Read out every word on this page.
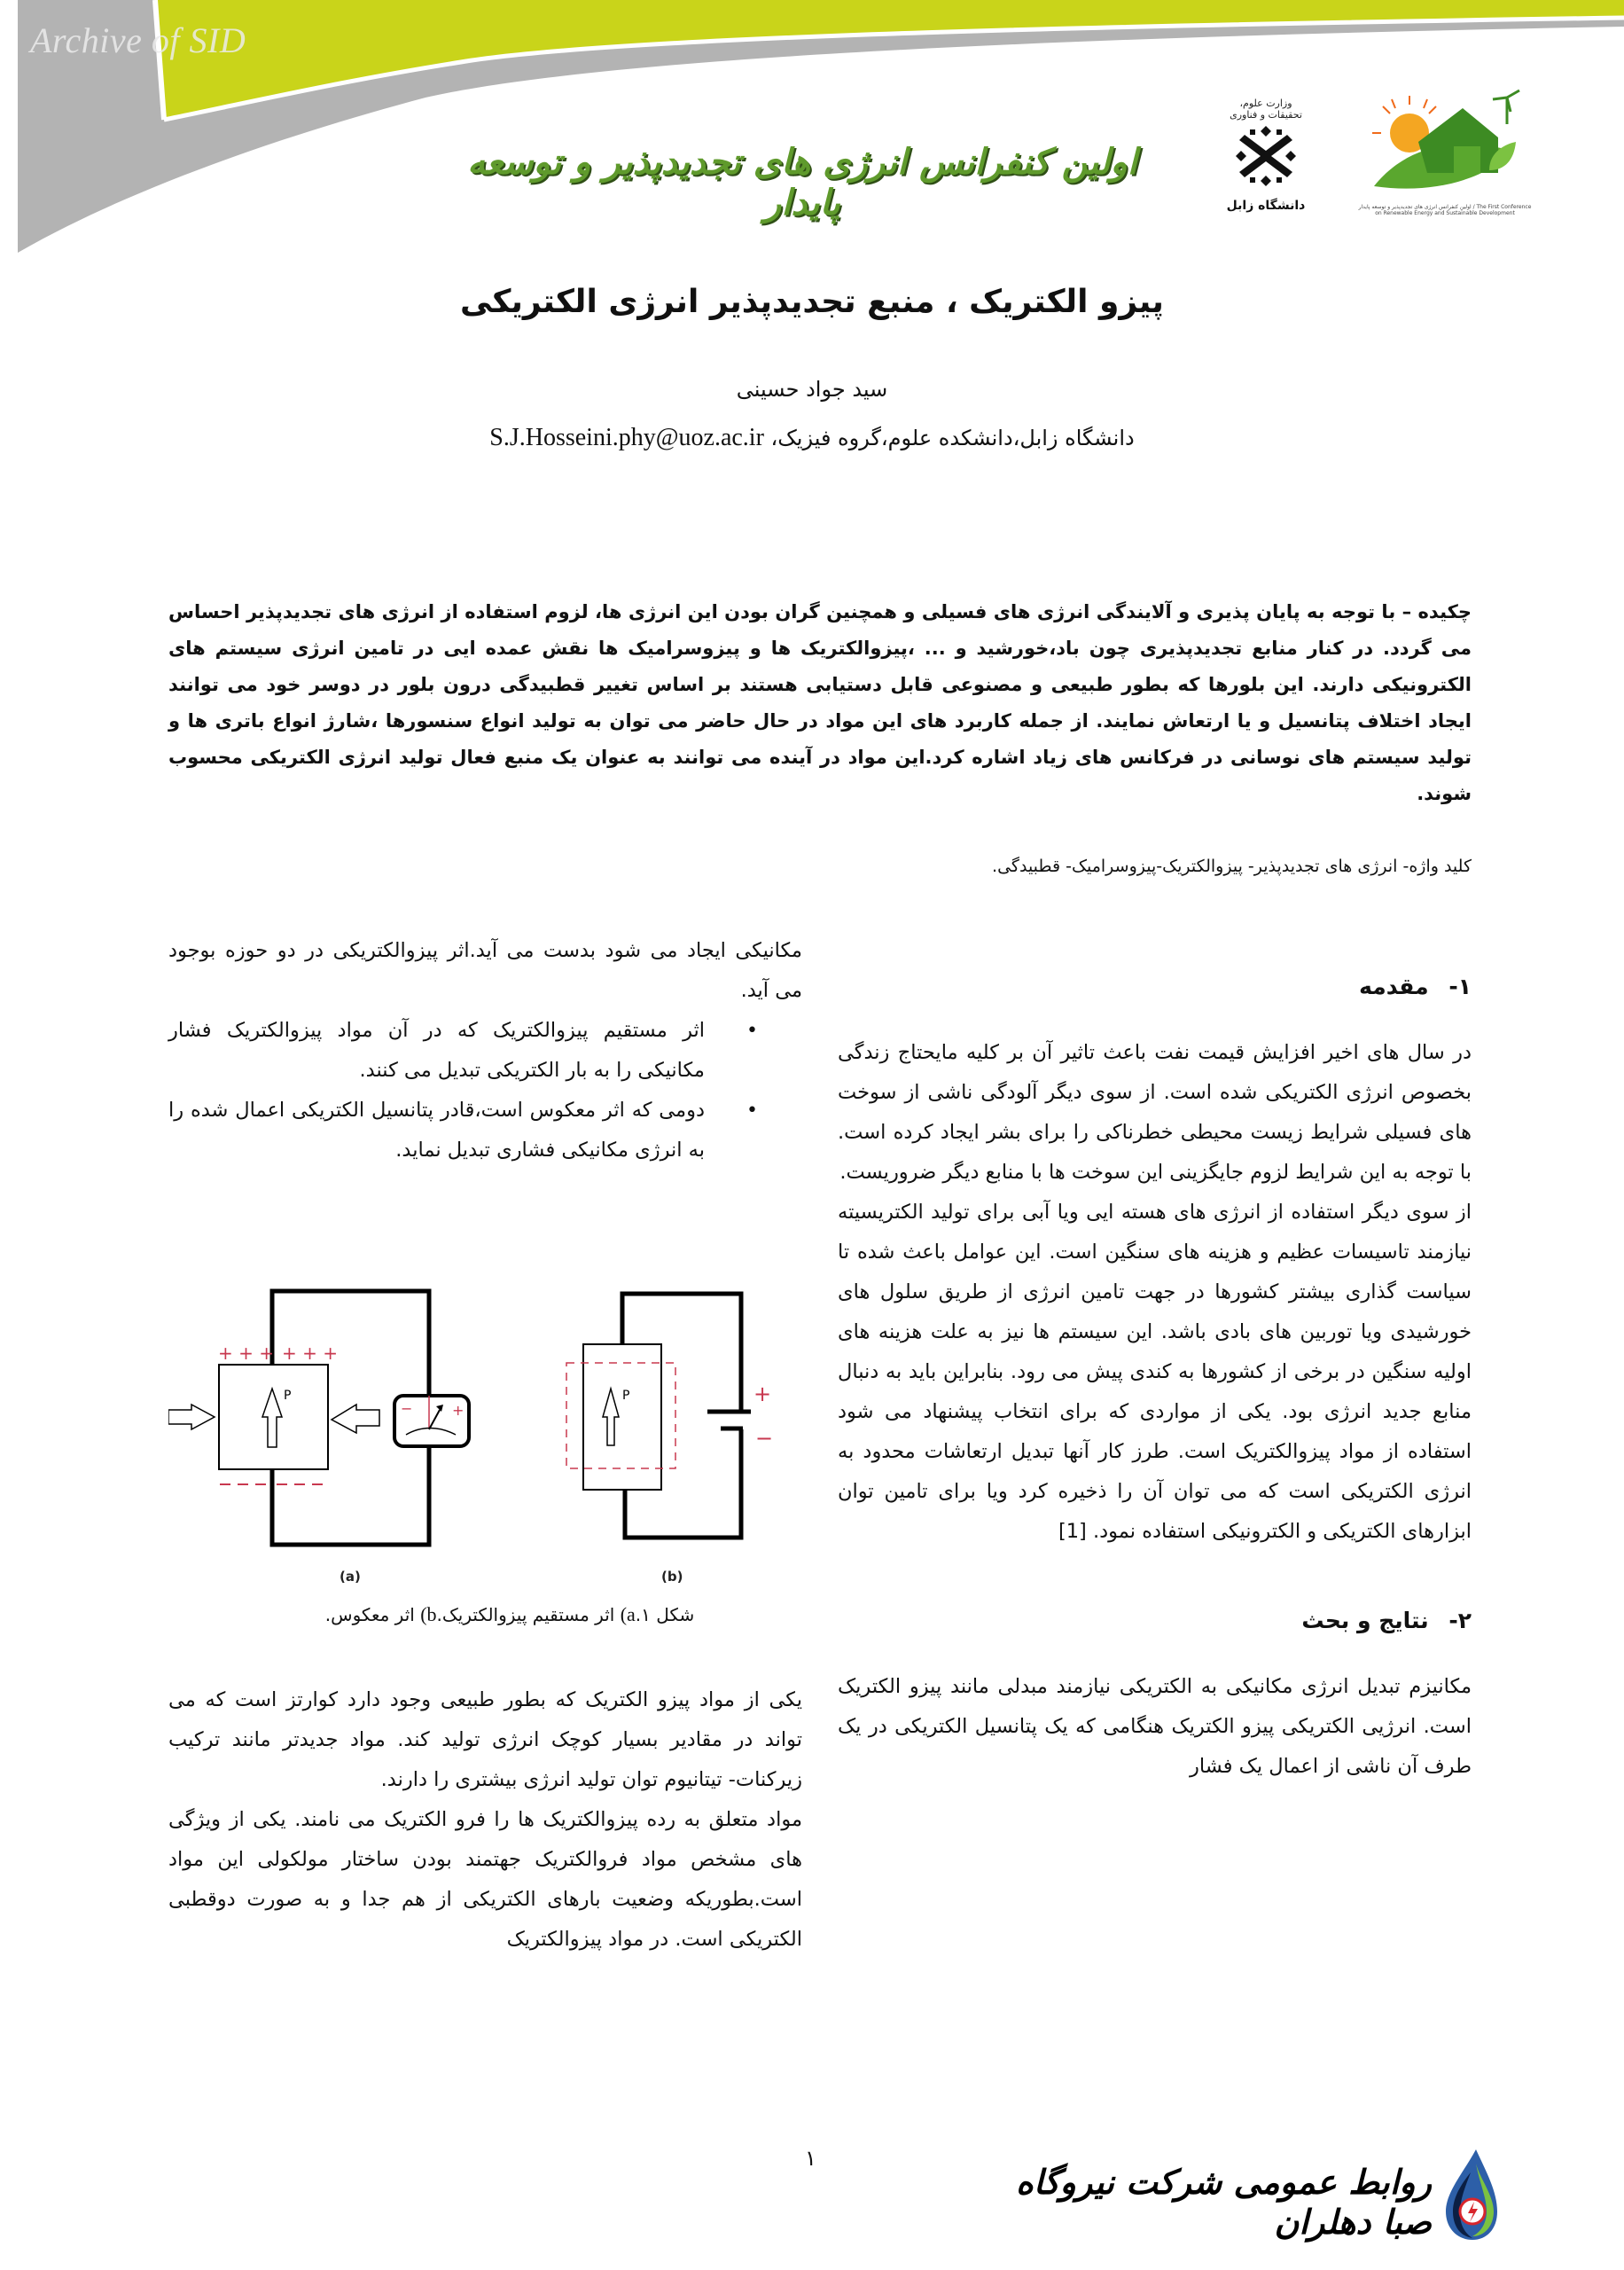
Archive of SID
اولین کنفرانس انرژی های تجدیدپذیر و توسعه پایدار
وزارت علوم، تحقیقات و فناوری
دانشگاه زابل	اولین کنفرانس انرژی های تجدیدپذیر و توسعه پایدار / The First Conference on Renewable Energy and Sustainable Development
پیزو الکتریک ، منبع تجدیدپذیر انرژی الکتریکی
سید جواد حسینی
دانشگاه زابل،دانشکده علوم،گروه فیزیک، S.J.Hosseini.phy@uoz.ac.ir
چکیده – با توجه به پایان پذیری و آلایندگی انرژی های فسیلی و همچنین گران بودن این انرژی ها، لزوم استفاده از انرژی های تجدیدپذیر احساس می گردد. در کنار منابع تجدیدپذیری چون باد،خورشید و ... ،پیزوالکتریک ها و پیزوسرامیک ها نقش عمده ایی در تامین انرژی سیستم های الکترونیکی دارند. این بلورها که بطور طبیعی و مصنوعی قابل دستیابی هستند بر اساس تغییر قطبیدگی درون بلور در دوسر خود می توانند ایجاد اختلاف پتانسیل و یا ارتعاش نمایند. از جمله کاربرد های این مواد در حال حاضر می توان به تولید انواع سنسورها ،شارژ انواع باتری ها و تولید سیستم های نوسانی در فرکانس های زیاد اشاره کرد.این مواد در آینده می توانند به عنوان یک منبع فعال تولید انرژی الکتریکی محسوب شوند.
کلید واژه- انرژی های تجدیدپذیر- پیزوالکتریک-پیزوسرامیک- قطبیدگی.
۱- مقدمه

در سال های اخیر افزایش قیمت نفت باعث تاثیر آن بر کلیه مایحتاج زندگی بخصوص انرژی الکتریکی شده است. از سوی دیگر آلودگی ناشی از سوخت های فسیلی شرایط زیست محیطی خطرناکی را برای بشر ایجاد کرده است. با توجه به این شرایط لزوم جایگزینی این سوخت ها با منابع دیگر ضروریست.

از سوی دیگر استفاده از انرژی های هسته ایی ویا آبی برای تولید الکتریسیته نیازمند تاسیسات عظیم و هزینه های سنگین است. این عوامل باعث شده تا سیاست گذاری بیشتر کشورها در جهت تامین انرژی از طریق سلول های خورشیدی ویا توربین های بادی باشد. این سیستم ها نیز به علت هزینه های اولیه سنگین در برخی از کشورها به کندی پیش می رود. بنابراین باید به دنبال منابع جدید انرژی بود. یکی از مواردی که برای انتخاب پیشنهاد می شود استفاده از مواد پیزوالکتریک است. طرز کار آنها تبدیل ارتعاشات محدود به انرژی الکتریکی است که می توان آن را ذخیره کرد ویا برای تامین توان ابزارهای الکتریکی و الکترونیکی استفاده نمود. [1]

۲- نتایج و بحث

مکانیزم تبدیل انرژی مکانیکی به الکتریکی نیازمند مبدلی مانند پیزو الکتریک است. انرژیی الکتریکی پیزو الکتریک هنگامی که یک پتانسیل الکتریکی در یک طرف آن ناشی از اعمال یک فشار

مکانیکی ایجاد می شود بدست می آید.اثر پیزوالکتریکی در دو حوزه بوجود می آید.

•
اثر مستقیم پیزوالکتریک که در آن مواد پیزوالکتریک فشار مکانیکی را به بار الکتریکی تبدیل می کنند.
•
دومی که اثر معکوس است،قادر پتانسیل الکتریکی اعمال شده را به انرژی مکانیکی فشاری تبدیل نماید.
P
+ + + + + +
−	+
(a)
P	+
−
(b)
شکل ۱.a) اثر مستقیم پیزوالکتریک.b) اثر معکوس.

یکی از مواد پیزو الکتریک که بطور طبیعی وجود دارد کوارتز است که می تواند در مقادیر بسیار کوچک انرژی تولید کند. مواد جدیدتر مانند ترکیب زیرکنات- تیتانیوم توان تولید انرژی بیشتری را دارند.

مواد متعلق به رده پیزوالکتریک ها را فرو الکتریک می نامند. یکی از ویژگی های مشخص مواد فروالکتریک جهتمند بودن ساختار مولکولی این مواد است.بطوریکه وضعیت بارهای الکتریکی از هم جدا و به صورت دوقطبی الکتریکی است. در مواد پیزوالکتریک

۱
روابط عمومی شرکت نیروگاه صبا دهلران
